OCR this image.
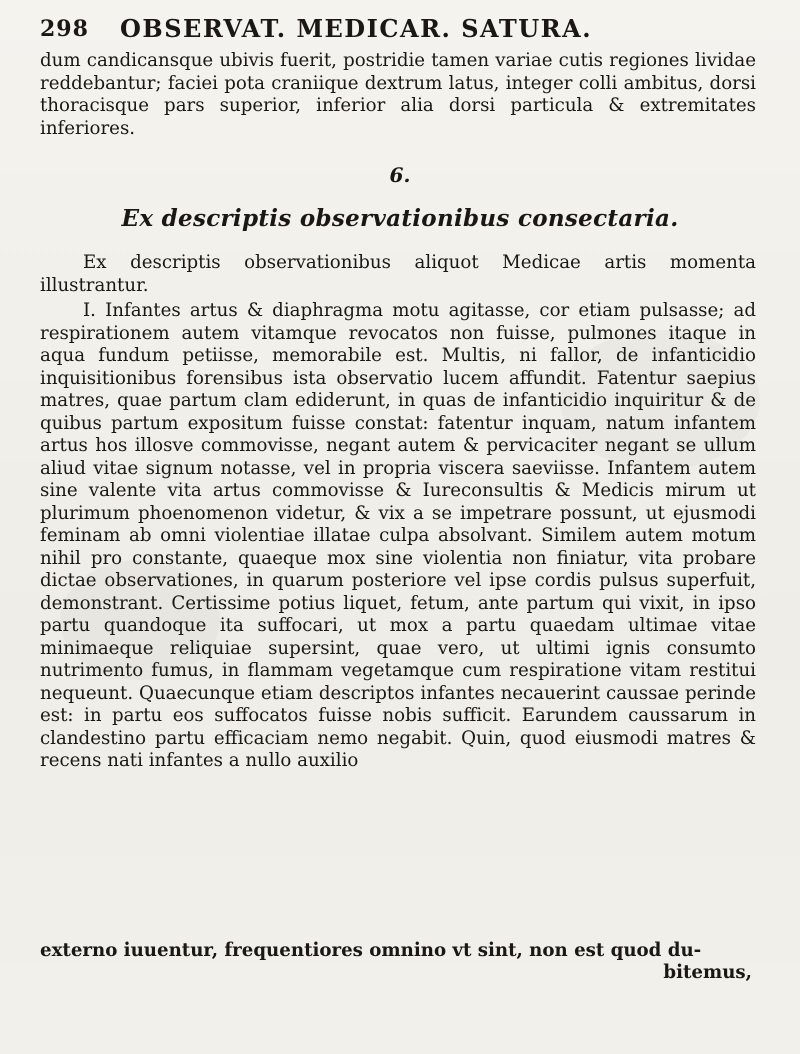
298 OBSERVAT. MEDICAR. SATURA.
dum candicansque ubivis fuerit, postridie tamen variae cutis regiones lividae reddebantur; faciei pota craniique dextrum latus, integer colli ambitus, dorsi thoracisque pars superior, inferior alia dorsi particula & extremitates inferiores.
6.
Ex descriptis observationibus consectaria.
Ex descriptis observationibus aliquot Medicae artis momenta illustrantur.
I. Infantes artus & diaphragma motu agitasse, cor etiam pulsasse; ad respirationem autem vitamque revocatos non fuisse, pulmones itaque in aqua fundum petiisse, memorabile est. Multis, ni fallor, de infanticidio inquisitionibus forensibus ista observatio lucem affundit. Fatentur saepius matres, quae partum clam ediderunt, in quas de infanticidio inquiritur & de quibus partum expositum fuisse constat: fatentur inquam, natum infantem artus hos illosve commovisse, negant autem & pervicaciter negant se ullum aliud vitae signum notasse, vel in propria viscera saeviisse. Infantem autem sine valente vita artus commovisse & Iureconsultis & Medicis mirum ut plurimum phoenomenon videtur, & vix a se impetrare possunt, ut ejusmodi feminam ab omni violentiae illatae culpa absolvant. Similem autem motum nihil pro constante, quaeque mox sine violentia non finiatur, vita probare dictae observationes, in quarum posteriore vel ipse cordis pulsus superfuit, demonstrant. Certissime potius liquet, fetum, ante partum qui vixit, in ipso partu quandoque ita suffocari, ut mox a partu quaedam ultimae vitae minimaeque reliquiae supersint, quae vero, ut ultimi ignis consumto nutrimento fumus, in flammam vegetamque cum respiratione vitam restitui nequeunt. Quaecunque etiam descriptos infantes necauerint caussae perinde est: in partu eos suffocatos fuisse nobis sufficit. Earundem caussarum in clandestino partu efficaciam nemo negabit. Quin, quod eiusmodi matres & recens nati infantes a nullo auxilio
externo iuuentur, frequentiores omnino vt sint, non est quod du-
bitemus,
